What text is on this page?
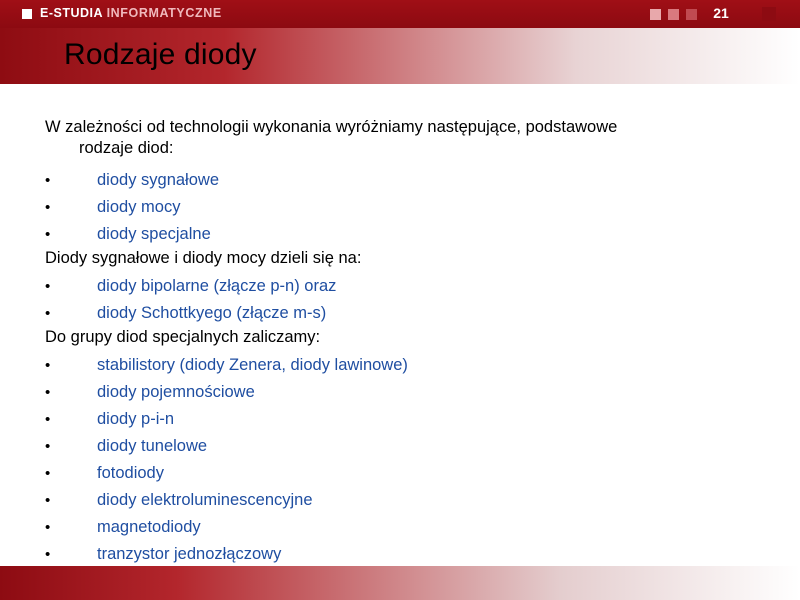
E-STUDIA INFORMATYCZNE	21
Rodzaje diody
W zależności od technologii wykonania wyróżniamy następujące, podstawowe
rodzaje diod:
•	diody sygnałowe
•	diody mocy
•	diody specjalne
Diody sygnałowe i diody mocy dzieli się na:
•	diody bipolarne (złącze p-n) oraz
•	diody Schottkyego (złącze m-s)
Do grupy diod specjalnych zaliczamy:
•	stabilistory (diody Zenera, diody lawinowe)
•	diody pojemnościowe
•	diody p-i-n
•	diody tunelowe
•	fotodiody
•	diody elektroluminescencyjne
•	magnetodiody
•	tranzystor jednozłączowy
